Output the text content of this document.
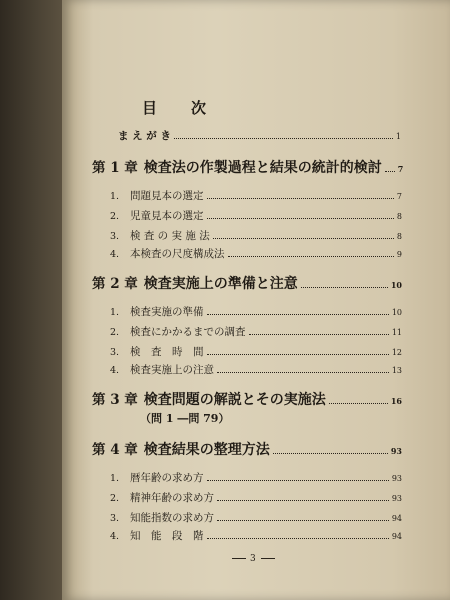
目次
ま え が き	1
第 1 章 検査法の作製過程と結果の統計的検討 7
1.	問題見本の選定	7
2.	児童見本の選定	8
3.	検 査 の 実 施 法	8
4.	本検査の尺度構成法	9
第 2 章 検査実施上の準備と注意	10
1.	検査実施の準備	10
2.	検査にかかるまでの調査	11
3.	検　査　時　間	12
4.	検査実施上の注意	13
第 3 章 検査問題の解説とその実施法	16
（問 1 ―問 79）
第 4 章 検査結果の整理方法	93
1.	暦年齢の求め方	93
2.	精神年齢の求め方	93
3.	知能指数の求め方	94
4.	知　能　段　階	94
3
